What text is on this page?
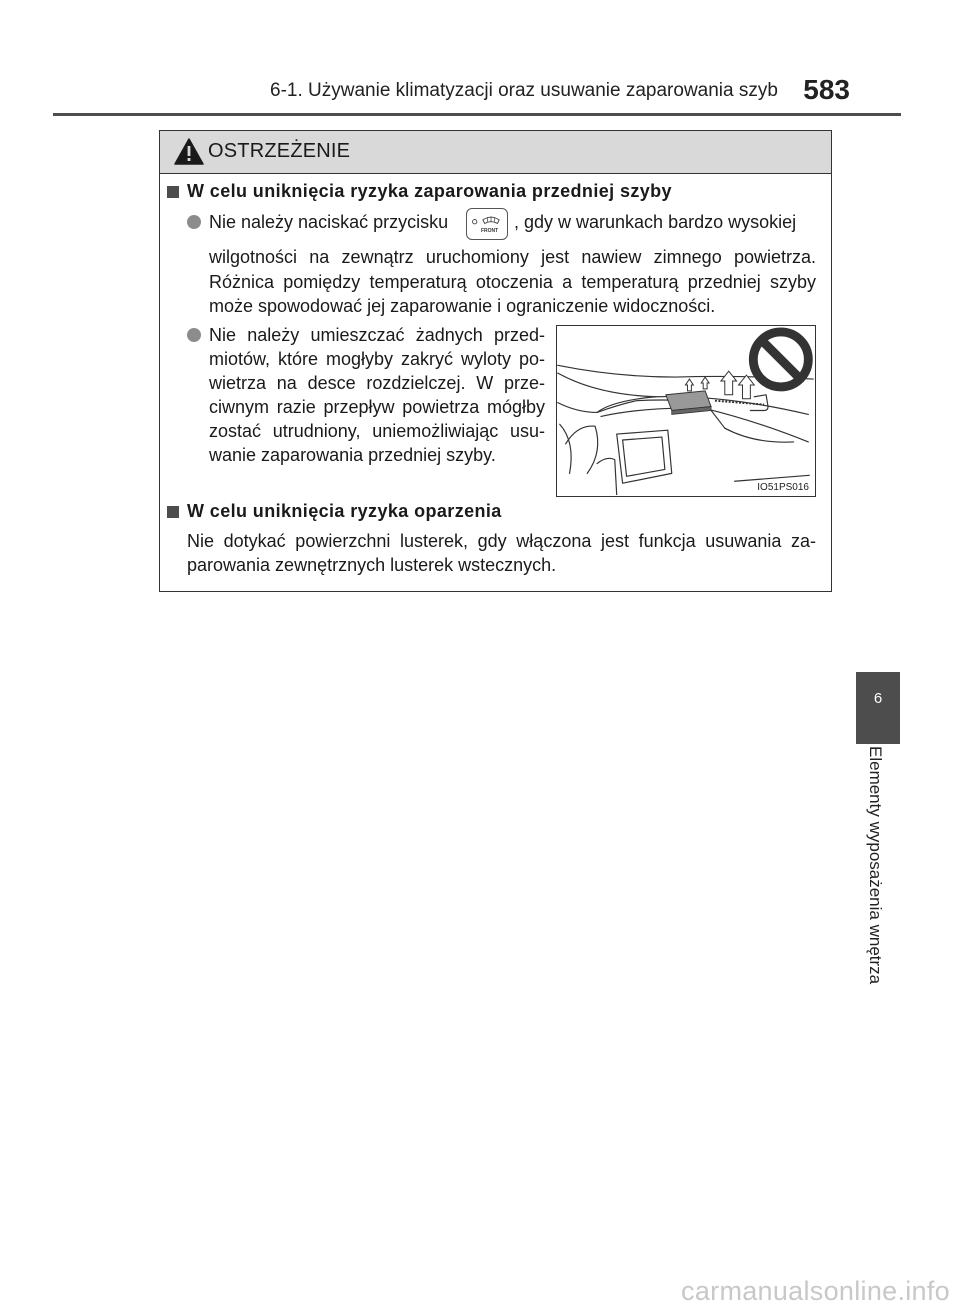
6-1. Używanie klimatyzacji oraz usuwanie zaparowania szyb 583
OSTRZEŻENIE
W celu uniknięcia ryzyka zaparowania przedniej szyby
Nie należy naciskać przycisku	FRONT , gdy w warunkach bardzo wysokiej
wilgotności na zewnątrz uruchomiony jest nawiew zimnego powietrza.
Różnica pomiędzy temperaturą otoczenia a temperaturą przedniej szyby
może spowodować jej zaparowanie i ograniczenie widoczności.
Nie należy umieszczać żadnych przed-
miotów, które mogłyby zakryć wyloty po-
wietrza na desce rozdzielczej. W prze-
ciwnym razie przepływ powietrza mógłby
zostać utrudniony, uniemożliwiając usu-
wanie zaparowania przedniej szyby.
IO51PS016
W celu uniknięcia ryzyka oparzenia
Nie dotykać powierzchni lusterek, gdy włączona jest funkcja usuwania za-
parowania zewnętrznych lusterek wstecznych.
6
Elementy wyposażenia wnętrza
carmanualsonline.info
